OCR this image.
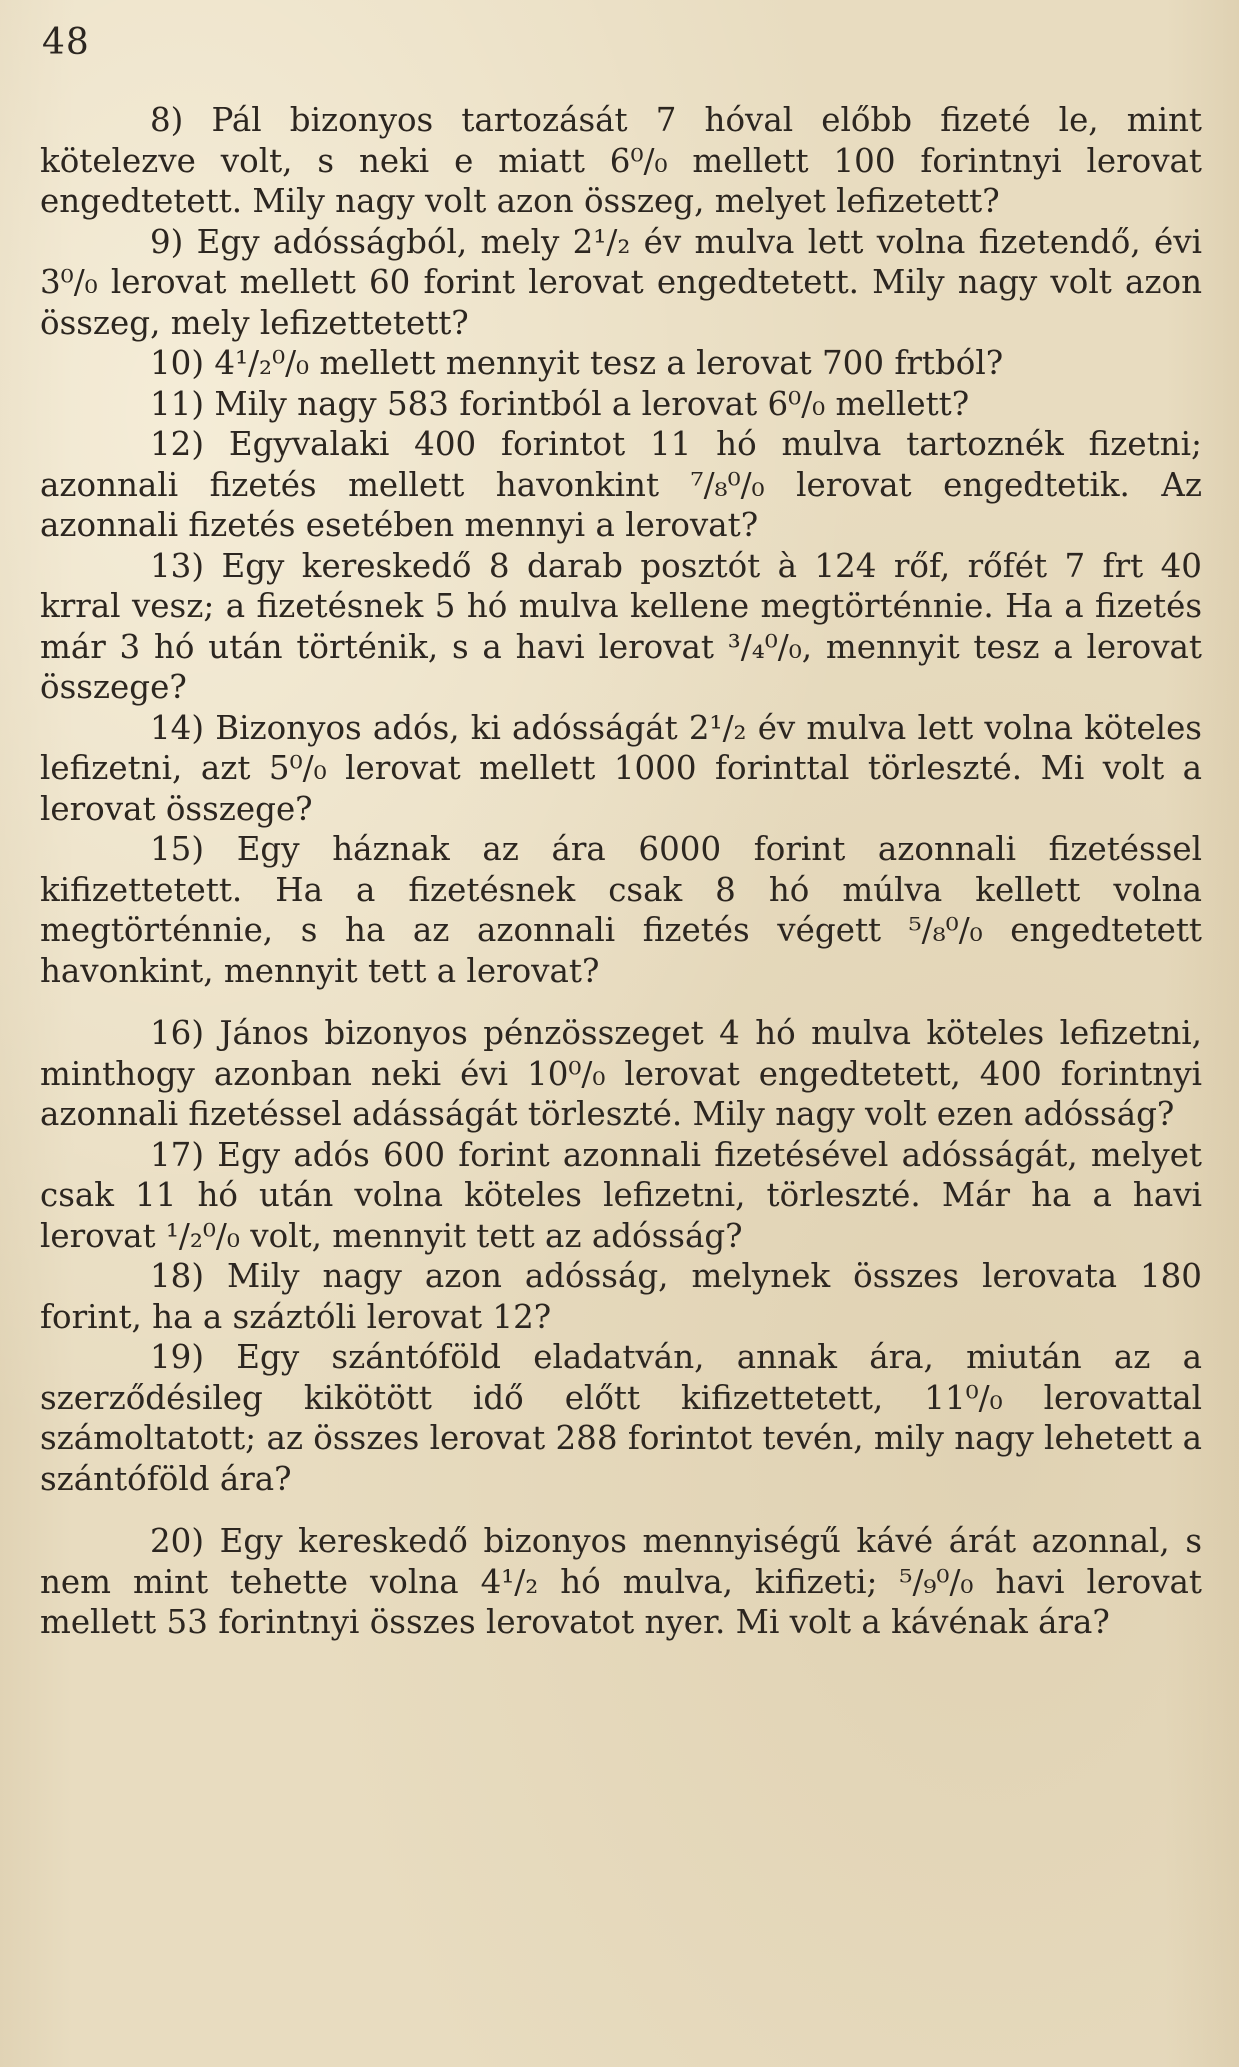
48

8) Pál bizonyos tartozását 7 hóval előbb fizeté le, mint kötelezve volt, s neki e miatt 6⁰/₀ mellett 100 forintnyi lerovat engedtetett. Mily nagy volt azon összeg, melyet lefizetett?

9) Egy adósságból, mely 2¹/₂ év mulva lett volna fizetendő, évi 3⁰/₀ lerovat mellett 60 forint lerovat engedtetett. Mily nagy volt azon összeg, mely lefizettetett?

10) 4¹/₂⁰/₀ mellett mennyit tesz a lerovat 700 frtból?

11) Mily nagy 583 forintból a lerovat 6⁰/₀ mellett?

12) Egyvalaki 400 forintot 11 hó mulva tartoznék fizetni; azonnali fizetés mellett havonkint ⁷/₈⁰/₀ lerovat engedtetik. Az azonnali fizetés esetében mennyi a lerovat?

13) Egy kereskedő 8 darab posztót à 124 rőf, rőfét 7 frt 40 krral vesz; a fizetésnek 5 hó mulva kellene megtörténnie. Ha a fizetés már 3 hó után történik, s a havi lerovat ³/₄⁰/₀, mennyit tesz a lerovat összege?

14) Bizonyos adós, ki adósságát 2¹/₂ év mulva lett volna köteles lefizetni, azt 5⁰/₀ lerovat mellett 1000 forinttal törleszté. Mi volt a lerovat összege?

15) Egy háznak az ára 6000 forint azonnali fizetéssel kifizettetett. Ha a fizetésnek csak 8 hó múlva kellett volna megtörténnie, s ha az azonnali fizetés végett ⁵/₈⁰/₀ engedtetett havonkint, mennyit tett a lerovat?

16) János bizonyos pénzösszeget 4 hó mulva köteles lefizetni, minthogy azonban neki évi 10⁰/₀ lerovat engedtetett, 400 forintnyi azonnali fizetéssel adásságát törleszté. Mily nagy volt ezen adósság?

17) Egy adós 600 forint azonnali fizetésével adósságát, melyet csak 11 hó után volna köteles lefizetni, törleszté. Már ha a havi lerovat ¹/₂⁰/₀ volt, mennyit tett az adósság?

18) Mily nagy azon adósság, melynek összes lerovata 180 forint, ha a száztóli lerovat 12?

19) Egy szántóföld eladatván, annak ára, miután az a szerződésileg kikötött idő előtt kifizettetett, 11⁰/₀ lerovattal számoltatott; az összes lerovat 288 forintot tevén, mily nagy lehetett a szántóföld ára?

20) Egy kereskedő bizonyos mennyiségű kávé árát azonnal, s nem mint tehette volna 4¹/₂ hó mulva, kifizeti; ⁵/₉⁰/₀ havi lerovat mellett 53 forintnyi összes lerovatot nyer. Mi volt a kávénak ára?
